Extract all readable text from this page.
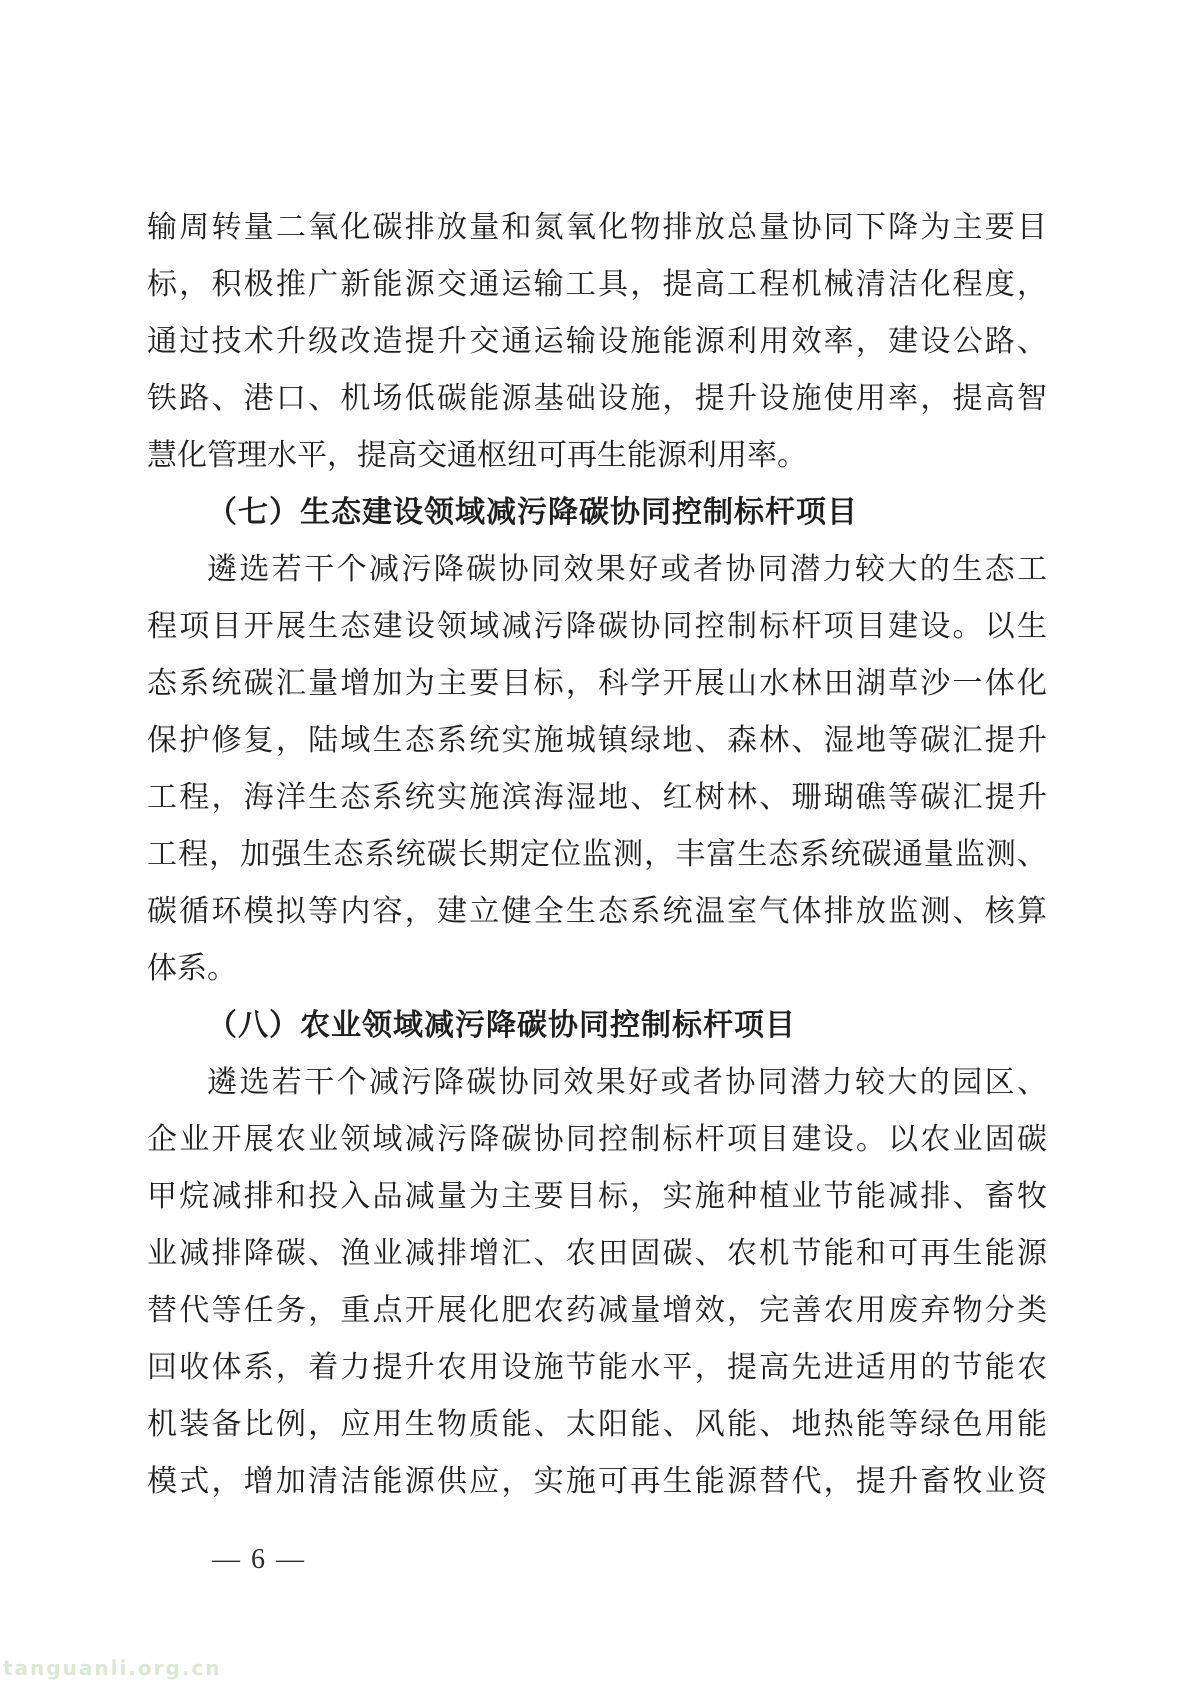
输周转量二氧化碳排放量和氮氧化物排放总量协同下降为主要目
标，积极推广新能源交通运输工具，提高工程机械清洁化程度，
通过技术升级改造提升交通运输设施能源利用效率，建设公路、
铁路、港口、机场低碳能源基础设施，提升设施使用率，提高智
慧化管理水平，提高交通枢纽可再生能源利用率。
（七）生态建设领域减污降碳协同控制标杆项目
遴选若干个减污降碳协同效果好或者协同潜力较大的生态工
程项目开展生态建设领域减污降碳协同控制标杆项目建设。以生
态系统碳汇量增加为主要目标，科学开展山水林田湖草沙一体化
保护修复，陆域生态系统实施城镇绿地、森林、湿地等碳汇提升
工程，海洋生态系统实施滨海湿地、红树林、珊瑚礁等碳汇提升
工程，加强生态系统碳长期定位监测，丰富生态系统碳通量监测、
碳循环模拟等内容，建立健全生态系统温室气体排放监测、核算
体系。
（八）农业领域减污降碳协同控制标杆项目
遴选若干个减污降碳协同效果好或者协同潜力较大的园区、
企业开展农业领域减污降碳协同控制标杆项目建设。以农业固碳
甲烷减排和投入品减量为主要目标，实施种植业节能减排、畜牧
业减排降碳、渔业减排增汇、农田固碳、农机节能和可再生能源
替代等任务，重点开展化肥农药减量增效，完善农用废弃物分类
回收体系，着力提升农用设施节能水平，提高先进适用的节能农
机装备比例，应用生物质能、太阳能、风能、地热能等绿色用能
模式，增加清洁能源供应，实施可再生能源替代，提升畜牧业资
— 6 —
tanguanli.org.cn
